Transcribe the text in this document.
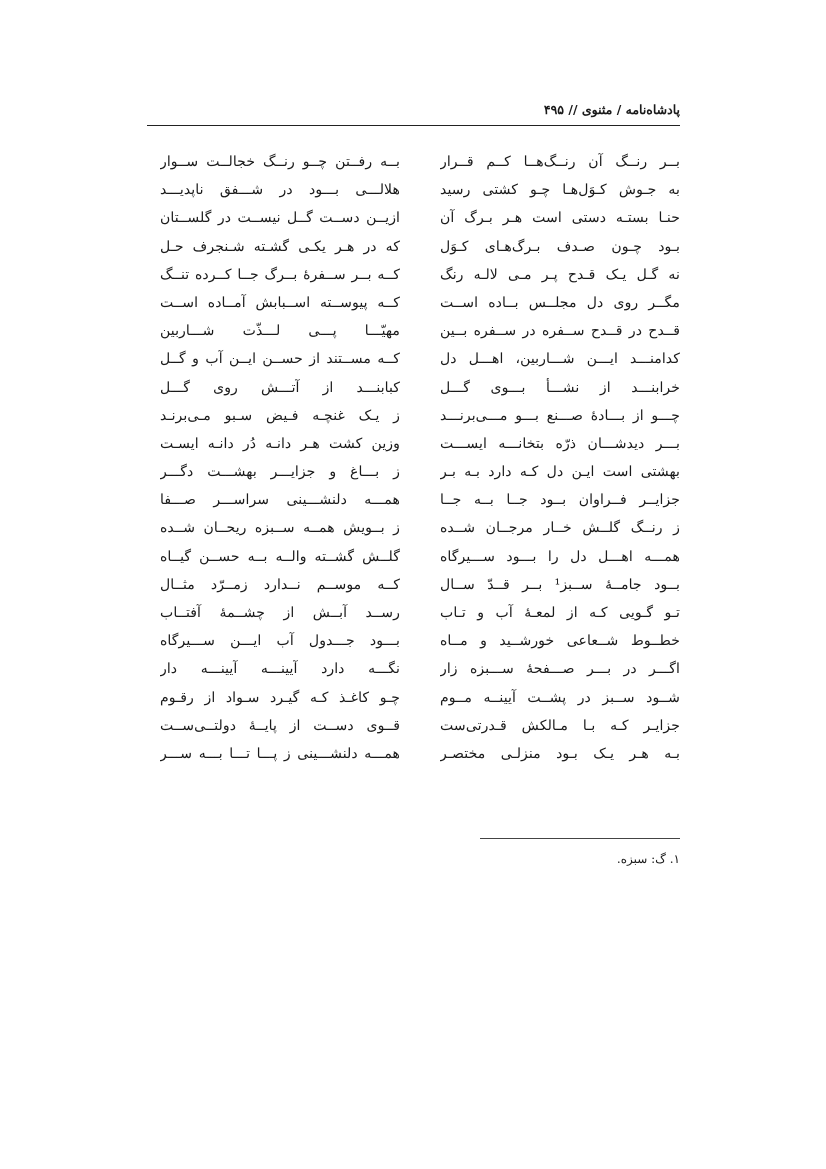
پادشاه‌نامه / مثنوی // ۴۹۵
بــر رنــگ آن رنــگ‌هــا کــم قــرار
به جـوش کـوَل‌هـا چـو کشتی رسید
حنـا بستـه دستی است هـر بـرگ آن
بـود چـون صـدف بـرگ‌هـای کـوَل
نه گـل یـک قـدح پـر مـی لالـه رنگ
مگــر روی دل مجلــس بــاده اســت
قــدح در قــدح ســفره در ســفره بــین
کدامنـــد ایـــن شـــاربین، اهـــل دل
خرابنـــد از نشـــأ بـــوی گـــل
چـــو از بـــادهٔ صـــنع بـــو مـــی‌برنـــد
بـــر دیدشـــان ذرّه بتخانـــه ایســـت
بهشتی است ایـن دل کـه دارد بـه بـر
جزایــر فــراوان بــود جــا بــه جــا
ز رنــگ گلــش خــار مرجــان شــده
همـــه اهـــل دل را بـــود ســـیرگاه
بــود جامــهٔ ســبز¹ بــر قــدّ ســال
تـو گـویی کـه از لمعـهٔ آب و تـاب
خطــوط شــعاعی خورشــید و مــاه
اگـــر در بـــر صـــفحهٔ ســـبزه زار
شــود ســبز در پشــت آیینــه مــوم
جزایـر کـه بـا مـالکش قـدرتی‌ست
بـه هـر یـک بـود منزلـی مختصـر
بــه رفــتن چــو رنــگ خجالــت ســوار
هلالـــی بـــود در شـــفق ناپدیـــد
ازیــن دســت گــل نیســت در گلســتان
که در هـر یکـی گشـته شـنجرف حـل
کــه بــر ســفرهٔ بــرگ جــا کــرده تنــگ
کــه پیوســته اســبابش آمــاده اســت
مهیّـــا پـــی لـــذّت شـــاربین
کــه مســتند از حســن ایــن آب و گــل
کبابنـــد از آتـــش روی گـــل
ز یـک غنچـه فـیض سـبو مـی‌برنـد
وزین کشت هـر دانـه دُر دانـه ایسـت
ز بـــاغ و جزایـــر بهشـــت دگـــر
همـــه دلنشـــینی سراســـر صـــفا
ز بــویش همــه ســبزه ریحــان شــده
گلــش گشــته والــه بــه حســن گیــاه
کــه موســم نــدارد زمــرّد مثــال
رســد آبــش از چشــمهٔ آفتــاب
بـــود جـــدول آب ایـــن ســـیرگاه
نگـــه دارد آیینـــه آیینـــه دار
چـو کاغـذ کـه گیـرد سـواد از رقـوم
قــوی دســت از پایــهٔ دولتــی‌ســت
همـــه دلنشـــینی ز پـــا تـــا بـــه ســـر
۱. گ: سبزه.
